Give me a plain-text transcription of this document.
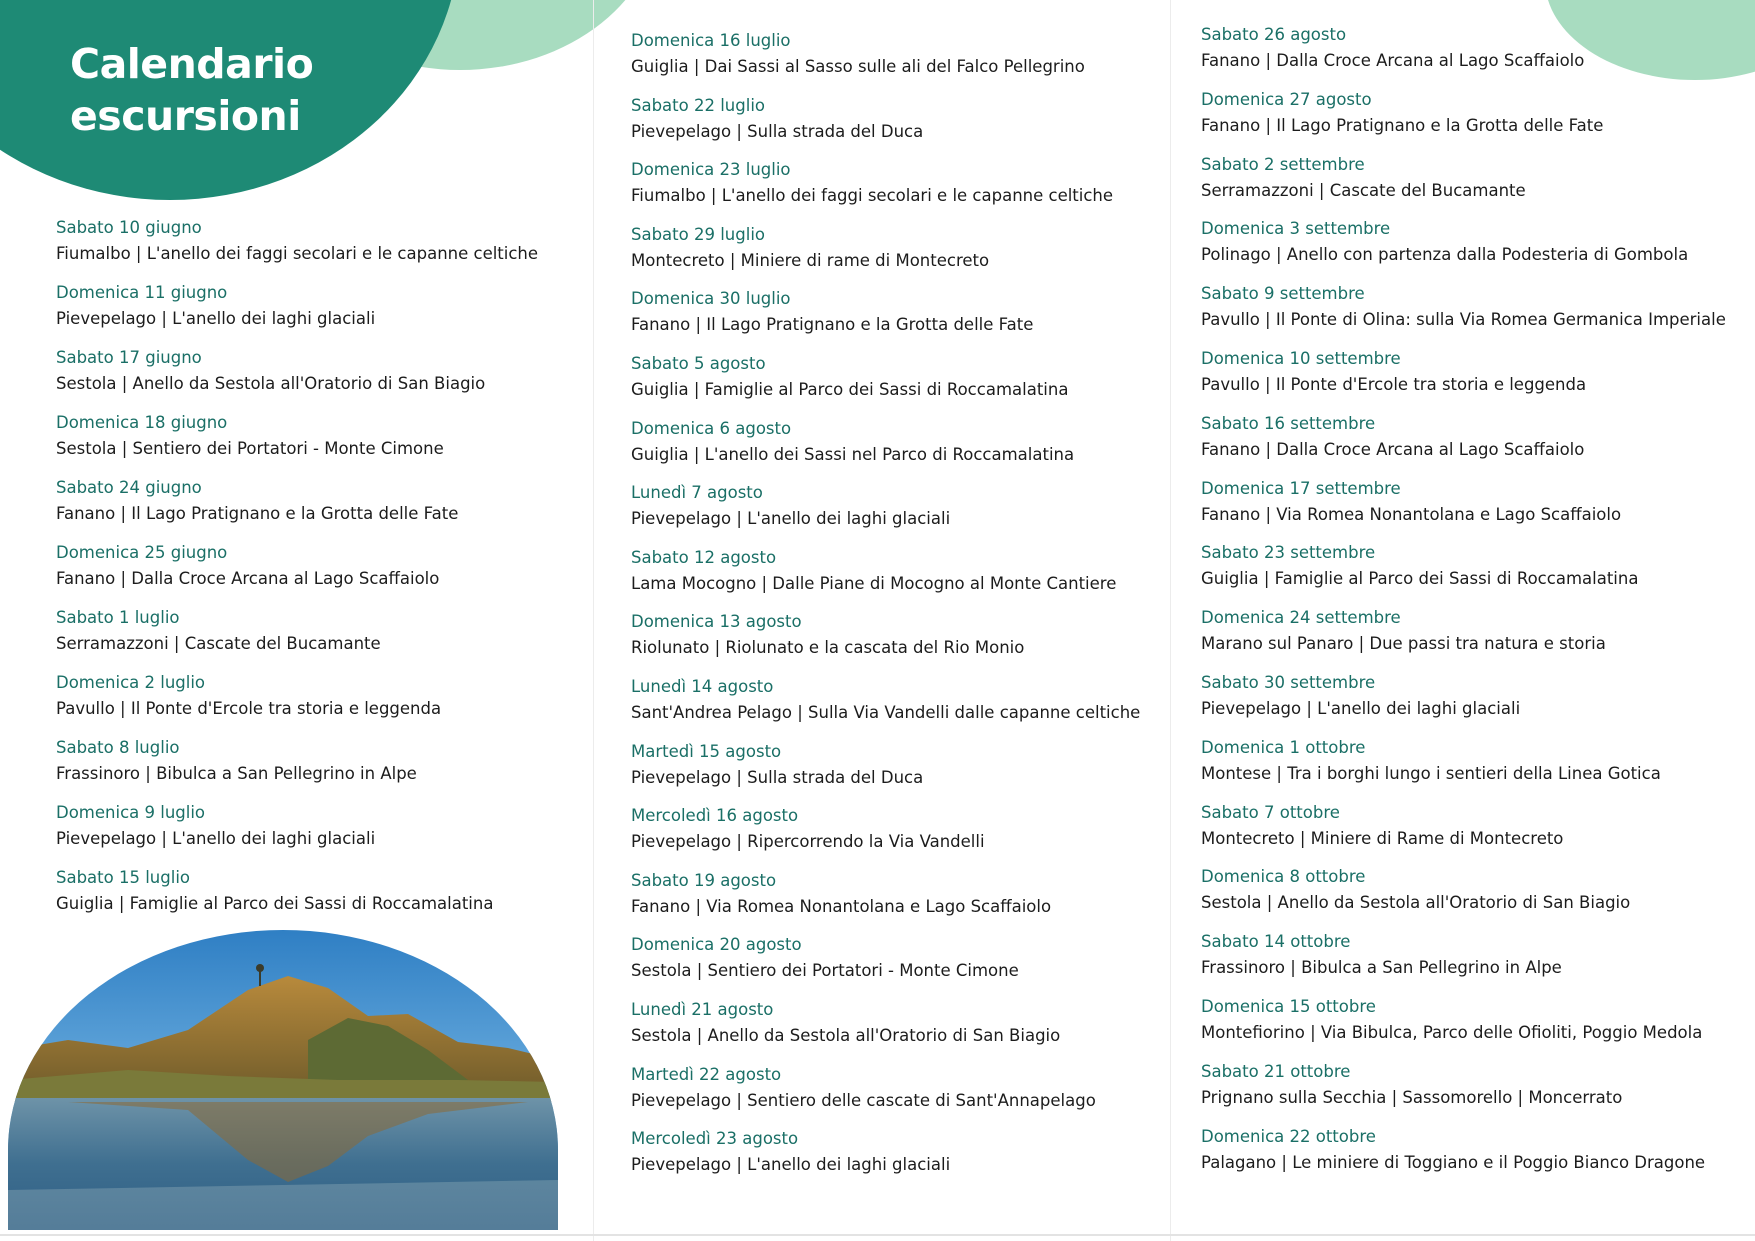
Calendario
escursioni
Sabato 10 giugno
Fiumalbo | L'anello dei faggi secolari e le capanne celtiche
Domenica 11 giugno
Pievepelago | L'anello dei laghi glaciali
Sabato 17 giugno
Sestola | Anello da Sestola all'Oratorio di San Biagio
Domenica 18 giugno
Sestola | Sentiero dei Portatori - Monte Cimone
Sabato 24 giugno
Fanano | Il Lago Pratignano e la Grotta delle Fate
Domenica 25 giugno
Fanano | Dalla Croce Arcana al Lago Scaffaiolo
Sabato 1 luglio
Serramazzoni | Cascate del Bucamante
Domenica 2 luglio
Pavullo | Il Ponte d'Ercole tra storia e leggenda
Sabato 8 luglio
Frassinoro | Bibulca a San Pellegrino in Alpe
Domenica 9 luglio
Pievepelago | L'anello dei laghi glaciali
Sabato 15 luglio
Guiglia | Famiglie al Parco dei Sassi di Roccamalatina
Domenica 16 luglio
Guiglia | Dai Sassi al Sasso sulle ali del Falco Pellegrino
Sabato 22 luglio
Pievepelago | Sulla strada del Duca
Domenica 23 luglio
Fiumalbo | L'anello dei faggi secolari e le capanne celtiche
Sabato 29 luglio
Montecreto | Miniere di rame di Montecreto
Domenica 30 luglio
Fanano | Il Lago Pratignano e la Grotta delle Fate
Sabato 5 agosto
Guiglia | Famiglie al Parco dei Sassi di Roccamalatina
Domenica 6 agosto
Guiglia | L'anello dei Sassi nel Parco di Roccamalatina
Lunedì 7 agosto
Pievepelago | L'anello dei laghi glaciali
Sabato 12 agosto
Lama Mocogno | Dalle Piane di Mocogno al Monte Cantiere
Domenica 13 agosto
Riolunato | Riolunato e la cascata del Rio Monio
Lunedì 14 agosto
Sant'Andrea Pelago | Sulla Via Vandelli dalle capanne celtiche
Martedì 15 agosto
Pievepelago | Sulla strada del Duca
Mercoledì 16 agosto
Pievepelago | Ripercorrendo la Via Vandelli
Sabato 19 agosto
Fanano | Via Romea Nonantolana e Lago Scaffaiolo
Domenica 20 agosto
Sestola | Sentiero dei Portatori - Monte Cimone
Lunedì 21 agosto
Sestola | Anello da Sestola all'Oratorio di San Biagio
Martedì 22 agosto
Pievepelago | Sentiero delle cascate di Sant'Annapelago
Mercoledì 23 agosto
Pievepelago | L'anello dei laghi glaciali
Sabato 26 agosto
Fanano | Dalla Croce Arcana al Lago Scaffaiolo
Domenica 27 agosto
Fanano | Il Lago Pratignano e la Grotta delle Fate
Sabato 2 settembre
Serramazzoni | Cascate del Bucamante
Domenica 3 settembre
Polinago | Anello con partenza dalla Podesteria di Gombola
Sabato 9 settembre
Pavullo | Il Ponte di Olina: sulla Via Romea Germanica Imperiale
Domenica 10 settembre
Pavullo | Il Ponte d'Ercole tra storia e leggenda
Sabato 16 settembre
Fanano | Dalla Croce Arcana al Lago Scaffaiolo
Domenica 17 settembre
Fanano | Via Romea Nonantolana e Lago Scaffaiolo
Sabato 23 settembre
Guiglia | Famiglie al Parco dei Sassi di Roccamalatina
Domenica 24 settembre
Marano sul Panaro | Due passi tra natura e storia
Sabato 30 settembre
Pievepelago | L'anello dei laghi glaciali
Domenica 1 ottobre
Montese | Tra i borghi lungo i sentieri della Linea Gotica
Sabato 7 ottobre
Montecreto | Miniere di Rame di Montecreto
Domenica 8 ottobre
Sestola | Anello da Sestola all'Oratorio di San Biagio
Sabato 14 ottobre
Frassinoro | Bibulca a San Pellegrino in Alpe
Domenica 15 ottobre
Montefiorino | Via Bibulca, Parco delle Ofioliti, Poggio Medola
Sabato 21 ottobre
Prignano sulla Secchia | Sassomorello | Moncerrato
Domenica 22 ottobre
Palagano | Le miniere di Toggiano e il Poggio Bianco Dragone
